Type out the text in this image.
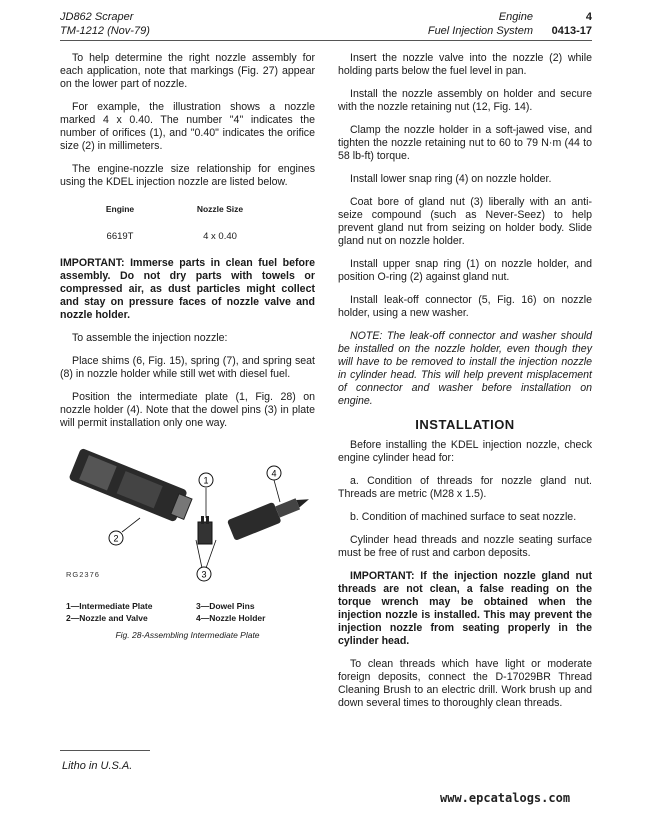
JD862 Scraper
TM-1212 (Nov-79)
Engine
Fuel Injection System
4
0413-17

To help determine the right nozzle assembly for each application, note that markings (Fig. 27) appear on the lower part of nozzle.

For example, the illustration shows a nozzle marked 4 x 0.40. The number "4" indicates the number of orifices (1), and "0.40" indicates the orifice size (2) in millimeters.

The engine-nozzle size relationship for engines using the KDEL injection nozzle are listed below.

Engine	Nozzle Size
6619T	4 x 0.40

IMPORTANT: Immerse parts in clean fuel before assembly. Do not dry parts with towels or compressed air, as dust particles might collect and stay on pressure faces of nozzle valve and nozzle holder.

To assemble the injection nozzle:

Place shims (6, Fig. 15), spring (7), and spring seat (8) in nozzle holder while still wet with diesel fuel.

Position the intermediate plate (1, Fig. 28) on nozzle holder (4). Note that the dowel pins (3) in plate will permit installation only one way.

1
2
3
4
RG2376
1—Intermediate Plate	3—Dowel Pins
2—Nozzle and Valve	4—Nozzle Holder
Fig. 28-Assembling Intermediate Plate

Insert the nozzle valve into the nozzle (2) while holding parts below the fuel level in pan.

Install the nozzle assembly on holder and secure with the nozzle retaining nut (12, Fig. 14).

Clamp the nozzle holder in a soft-jawed vise, and tighten the nozzle retaining nut to 60 to 79 N·m (44 to 58 lb-ft) torque.

Install lower snap ring (4) on nozzle holder.

Coat bore of gland nut (3) liberally with an anti-seize compound (such as Never-Seez) to help prevent gland nut from seizing on holder body. Slide gland nut on nozzle holder.

Install upper snap ring (1) on nozzle holder, and position O-ring (2) against gland nut.

Install leak-off connector (5, Fig. 16) on nozzle holder, using a new washer.

NOTE: The leak-off connector and washer should be installed on the nozzle holder, even though they will have to be removed to install the injection nozzle in cylinder head. This will help prevent misplacement of connector and washer before installation on engine.

INSTALLATION

Before installing the KDEL injection nozzle, check engine cylinder head for:

a. Condition of threads for nozzle gland nut. Threads are metric (M28 x 1.5).

b. Condition of machined surface to seat nozzle.

Cylinder head threads and nozzle seating surface must be free of rust and carbon deposits.

IMPORTANT: If the injection nozzle gland nut threads are not clean, a false reading on the torque wrench may be obtained when the injection nozzle is installed. This may prevent the injection nozzle from seating properly in the cylinder head.

To clean threads which have light or moderate foreign deposits, connect the D-17029BR Thread Cleaning Brush to an electric drill. Work brush up and down several times to thoroughly clean threads.

Litho in U.S.A.
www.epcatalogs.com
